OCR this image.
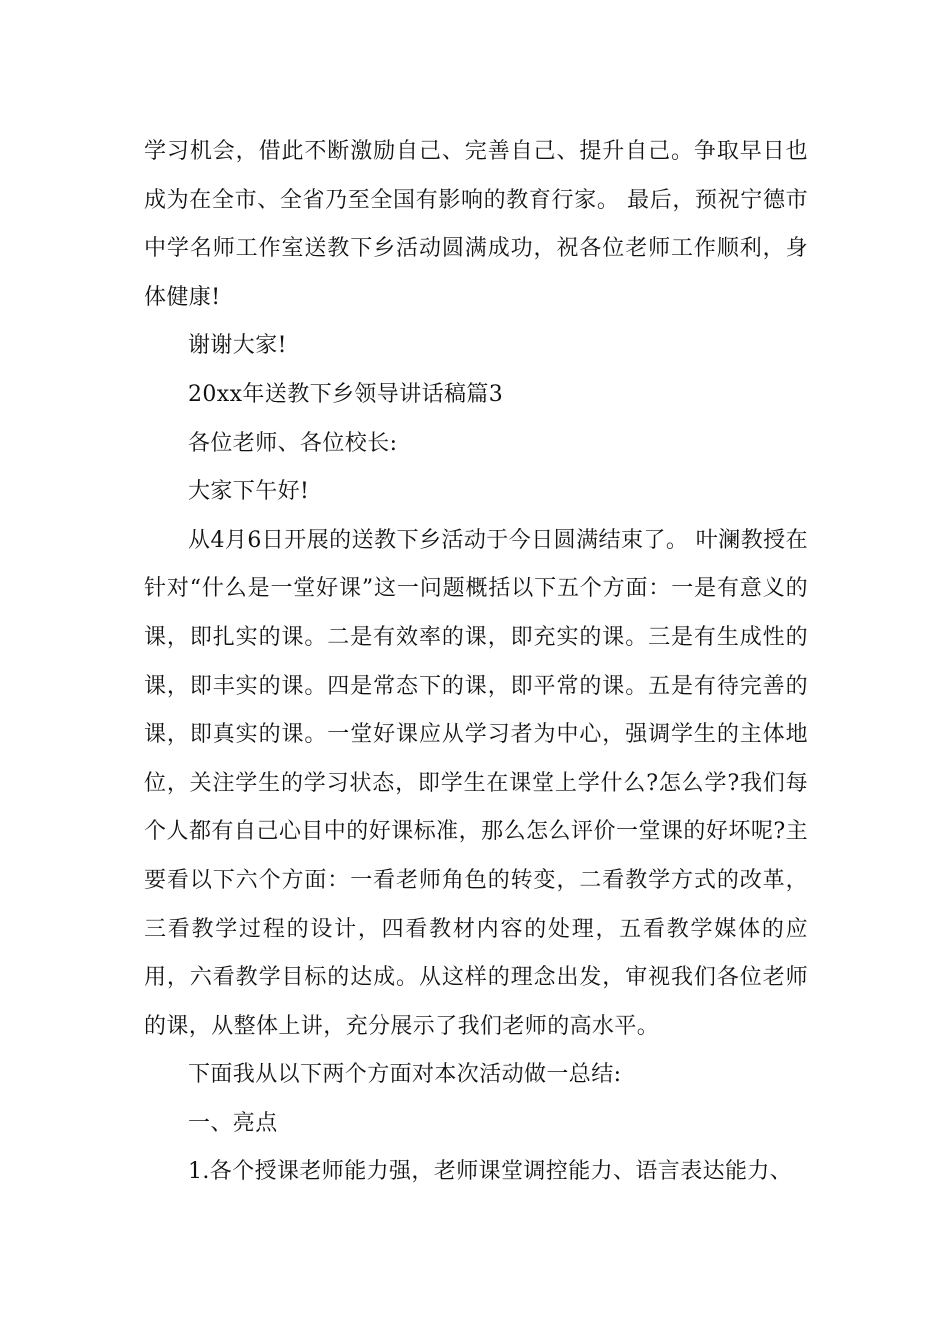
学习机会，借此不断激励自己、完善自己、提升自己。争取早日也成为在全市、全省乃至全国有影响的教育行家。 最后，预祝宁德市中学名师工作室送教下乡活动圆满成功，祝各位老师工作顺利，身体健康!

谢谢大家!

20xx年送教下乡领导讲话稿篇3

各位老师、各位校长:

大家下午好!

从4月6日开展的送教下乡活动于今日圆满结束了。 叶澜教授在针对“什么是一堂好课”这一问题概括以下五个方面：一是有意义的课，即扎实的课。二是有效率的课，即充实的课。三是有生成性的课，即丰实的课。四是常态下的课，即平常的课。五是有待完善的课，即真实的课。一堂好课应从学习者为中心，强调学生的主体地位，关注学生的学习状态，即学生在课堂上学什么?怎么学?我们每个人都有自己心目中的好课标准，那么怎么评价一堂课的好坏呢?主要看以下六个方面：一看老师角色的转变，二看教学方式的改革，三看教学过程的设计，四看教材内容的处理，五看教学媒体的应用，六看教学目标的达成。从这样的理念出发，审视我们各位老师的课，从整体上讲，充分展示了我们老师的高水平。

下面我从以下两个方面对本次活动做一总结:

一、亮点

1.各个授课老师能力强，老师课堂调控能力、语言表达能力、
